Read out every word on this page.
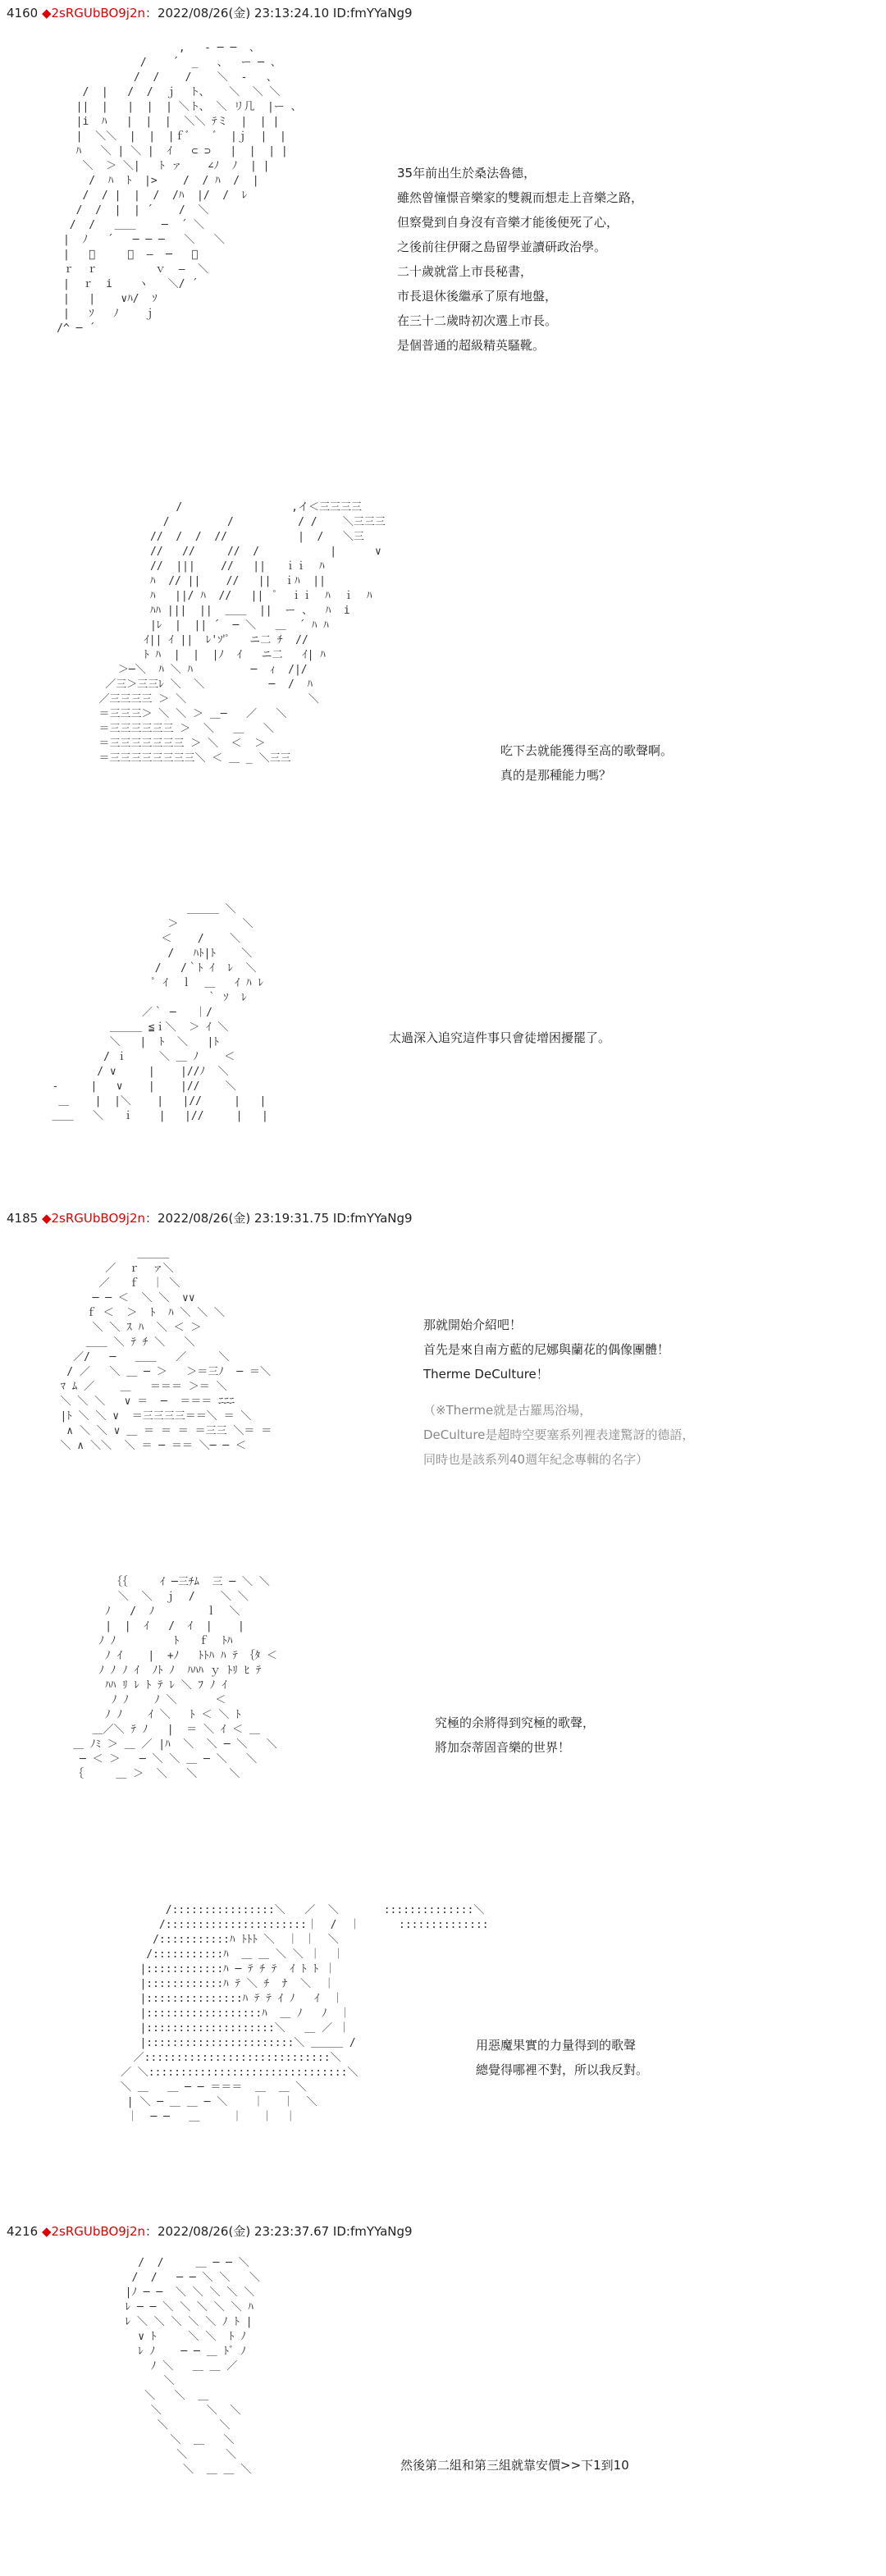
4160 ◆2sRGUbBO9j2n：2022/08/26(金) 23:13:24.10 ID:fmYYaNg9
,   ‐ ─ ─  、
/    ´  _   、  ー ─ 、
/  /    /    ＼  ‐   、
/  |   /  /  ｊ  ト、   ＼  ＼ ＼
||  |   |  |  | ＼ト、 ＼ リ几  |ー 、
|i  ﾊ   |  |  |  ＼＼ ﾃミ  |  | |
|  ＼＼  |  |  |ｆﾞ    ﾞ  |ｊ  |  |
ﾊ   ＼ | ＼ |  ｲ   ⊂ ⊃   |  |  | |
＼  ＞ ＼|   ﾄ ァ    ∠ﾉ  ﾉ  | |
/  ﾊ  ﾄ  |>    /  / ﾊ  /  |
/  / |  |  /  /ﾊ  |/  /  ﾚ
/  /  |  | ´    /  ＼
/  /   ＿＿    ─  ´ ＼
|  ﾉ   ´   ─ ─ ─   ＼   ＼
|   ﾞ     ＿  ―  ─   ＼
ｒ  ｒ         ｖ  ―  ＼
|  ｒ  i    ヽ   ＼/ ´
|   |    ∨ﾊ/  ｿ
|   ｿ   ﾉ    ｊ
/^ ─ ´
35年前出生於桑法魯德，
雖然曾憧憬音樂家的雙親而想走上音樂之路，
但察覺到自身沒有音樂才能後便死了心，
之後前往伊爾之島留學並讀研政治學。
二十歲就當上市長秘書，
市長退休後繼承了原有地盤，
在三十二歲時初次選上市長。
是個普通的超級精英騷靴。
/                 ,イ＜三三三三
/         /          / /    ＼三三三
//  /  /  //           |  /   ＼三
//   //     //  /           |      ∨
//  |||    //   ||   ｉｉ  ﾊ
ﾊ  // ||    //   ||  ｉﾊ  ||
ﾊ   ||/ ﾊ  //   ||  ﾟ  ｉｉ  ﾊ  ｉ  ﾊ
ﾊﾊ |||  ||  ＿＿  ||  ー 、  ﾊ  i
|ﾚ  |  || ´  ─ ＼   ＿  ´ ﾊ ﾊ
ｲ|| ｲ ||  ﾚ'ｿ'ﾟ   ニ二 ﾁ  //
ﾄ ﾊ  |  |  |ﾉ  ｲ   ニ二   ｲ| ﾊ
＞─＼  ﾊ ＼ ﾊ         ─  ｨ  /|/
／三＞三三ﾚ ＼  ＼          ─  /  ﾊ
／三三三三 ＞ ＼                   ＼
＝三三三＞ ＼ ＼ ＞ ＿─   ／   ＼
＝三三三三三三 ＞  ＼   ＿   ＼
＝三三三三三三三 ＞ ＼  ＜  ＞
＝三三三三三三三三＼ ＜ ＿ _ ＼三三
吃下去就能獲得至高的歌聲啊。
真的是那種能力嗎？
＿＿＿ ＼
＞          ＼
＜    /    ＼
/   ﾊﾄ|ﾄ    ＼
/   /｀ﾄ ｲ  ﾚ  ＼
ﾟ ｲ  ｌ  ＿   ｲ ﾊ ﾚ
｀ ｿ  ﾚ
／｀ ─   ｜/
＿＿＿ ≦ｉ＼  ＞ ｲ ＼
＼   |  ﾄ  ＼   |ﾄ
/ ｉ     ＼ ＿ ﾉ    ＜
/ ∨     |    |//ﾉ  ＼
-     |   ∨    |    |//    ＼
＿    |  |＼    |   |//     |   |
＿＿   ＼   ｉ    |   |//     |   |
太過深入追究這件事只會徒增困擾罷了。
4185 ◆2sRGUbBO9j2n：2022/08/26(金) 23:19:31.75 ID:fmYYaNg9
＿＿＿
／  ｒ  ァ＼
／   ｆ  ｜ ＼
─ ─ ＜  ＼ ＼  ∨∨
ｆ ＜  ＞  ﾄ  ﾊ ＼ ＼ ＼
＼ ＼ ｽ ﾊ  ＼ ＜ ＞
＿＿ ＼ ﾃ ﾁ ＼   ＼
／/   ─   ＿＿   ／     ＼
/ ／   ＼ ＿ ─ ＞   ＞＝三ﾉ  ─ ＝＼
ﾏ ﾑ ／    ＿   ＝＝＝ ＞＝ ＼
＼ ＼ ＼   ∨ ＝  ─  ＝＝＝ ﾆﾆﾆ
|ﾄ ＼ ＼ ∨  ＝三三三三＝＝＼ ＝ ＼
∧ ＼ ＼ ∨ ＿ ＝ ＝ ＝ ＝三三 ＼＝ ＝
＼ ∧ ＼＼  ＼ ＝ ─ ＝＝ ＼─ ─ ＜
那就開始介紹吧！
首先是來自南方藍的尼娜與蘭花的偶像團體！
Therme DeCulture！
（※Therme就是古羅馬浴場，
DeCulture是超時空要塞系列裡表達驚訝的德語，
同時也是該系列40週年紀念專輯的名字）
｛｛     ｲ ─三ﾁﾑ  三 ─ ＼ ＼
＼  ＼  ｊ  /    ＼ ＼
ﾉ   /  ﾉ        ｌ  ＼
|  |  ｲ   /  ｲ  |    |
ﾉ ﾉ         ﾄ   ｆ  ﾄﾊ
ﾉ ｲ    |  +ﾉ   ﾄﾄﾊ ﾊ ﾃ ｛ﾀ ＜
ﾉ ﾉ ﾉ ｲ  ﾉﾄ ﾉ  ﾊﾊﾊ ｙ ﾄﾘ ﾋ ﾃ
ﾊﾊ ﾘ ﾚ ﾄ ﾃ ﾚ ＼ ﾌ ﾉ ｲ
ﾉ ﾉ    ﾉ ＼      ＜
ﾉ ﾉ    ｲ ＼   ﾄ ＜ ＼ ﾄ
＿／＼ ﾃ ﾉ   |  ＝ ＼ ｲ ＜ ＿
＿ ﾉﾐ ＞ ＿ ／ |ﾊ  ＼  ＼ ─ ＼   ＼
─ ＜ ＞   ─ ＼ ＼ ＿ ─ ＼   ＼
｛     ＿ ＞  ＼   ＼     ＼
究極的余將得到究極的歌聲，
將加奈蒂固音樂的世界！
/::::::::::::::::＼   ／  ＼       ::::::::::::::＼
/::::::::::::::::::::::｜  /  ｜      ::::::::::::::
/:::::::::::ﾊ ﾄﾄﾄ ＼  ｜ ｜  ＼
/:::::::::::ﾊ  ＿ ＿ ＼ ＼ ｜  ｜
|::::::::::::ﾊ ─ ﾃ ﾁ ﾃ  ｲ ﾄ ﾄ ｜
|::::::::::::ﾊ ﾃ ＼ ﾁ  ﾅ  ＼  ｜
|:::::::::::::::ﾊ ﾃ ﾃ ｲ ﾉ   ｲ  ｜
|::::::::::::::::::ﾊ  ＿ ﾉ   ﾉ  ｜
|::::::::::::::::::::＼   ＿ ／ ｜
|:::::::::::::::::::::::＼ ＿＿＿ /
／:::::::::::::::::::::::::::::＼
／ ＼:::::::::::::::::::::::::::::::＼
＼ ＿   ＿ ─ ─ ＝＝＝  ＿  ＿ ＼
| ＼ ─ ＿ ＿ ─ ＼    ｜   ｜  ＼
｜  ─ ─   ＿     ｜   ｜  ｜
用惡魔果實的力量得到的歌聲
總覺得哪裡不對，所以我反對。
4216 ◆2sRGUbBO9j2n：2022/08/26(金) 23:23:37.67 ID:fmYYaNg9
/  /     ＿ ─ ─ ＼
/  /   ─ ─ ＼ ＼   ＼
|ﾉ ─ ─  ＼ ＼ ＼ ＼ ＼
ﾚ ─ ─ ＼ ＼ ＼ ＼ ＼ ﾊ
ﾚ ＼ ＼ ＼ ＼ ＼ ﾉ ﾄ |
∨ ﾄ     ＼ ＼  ﾄ ﾉ
ﾚ ﾉ    ─ ─ ＿ ﾄﾞ ﾉ
ﾉ ＼   ＿ ＿ ／
＼
＼   ＼  ＿
＼       ＼  ＼
＼        ＼
＼  ＿   ＼
＼      ＼
＼  ＿ ＿ ＼	然後第二組和第三組就靠安價>>下1到10
